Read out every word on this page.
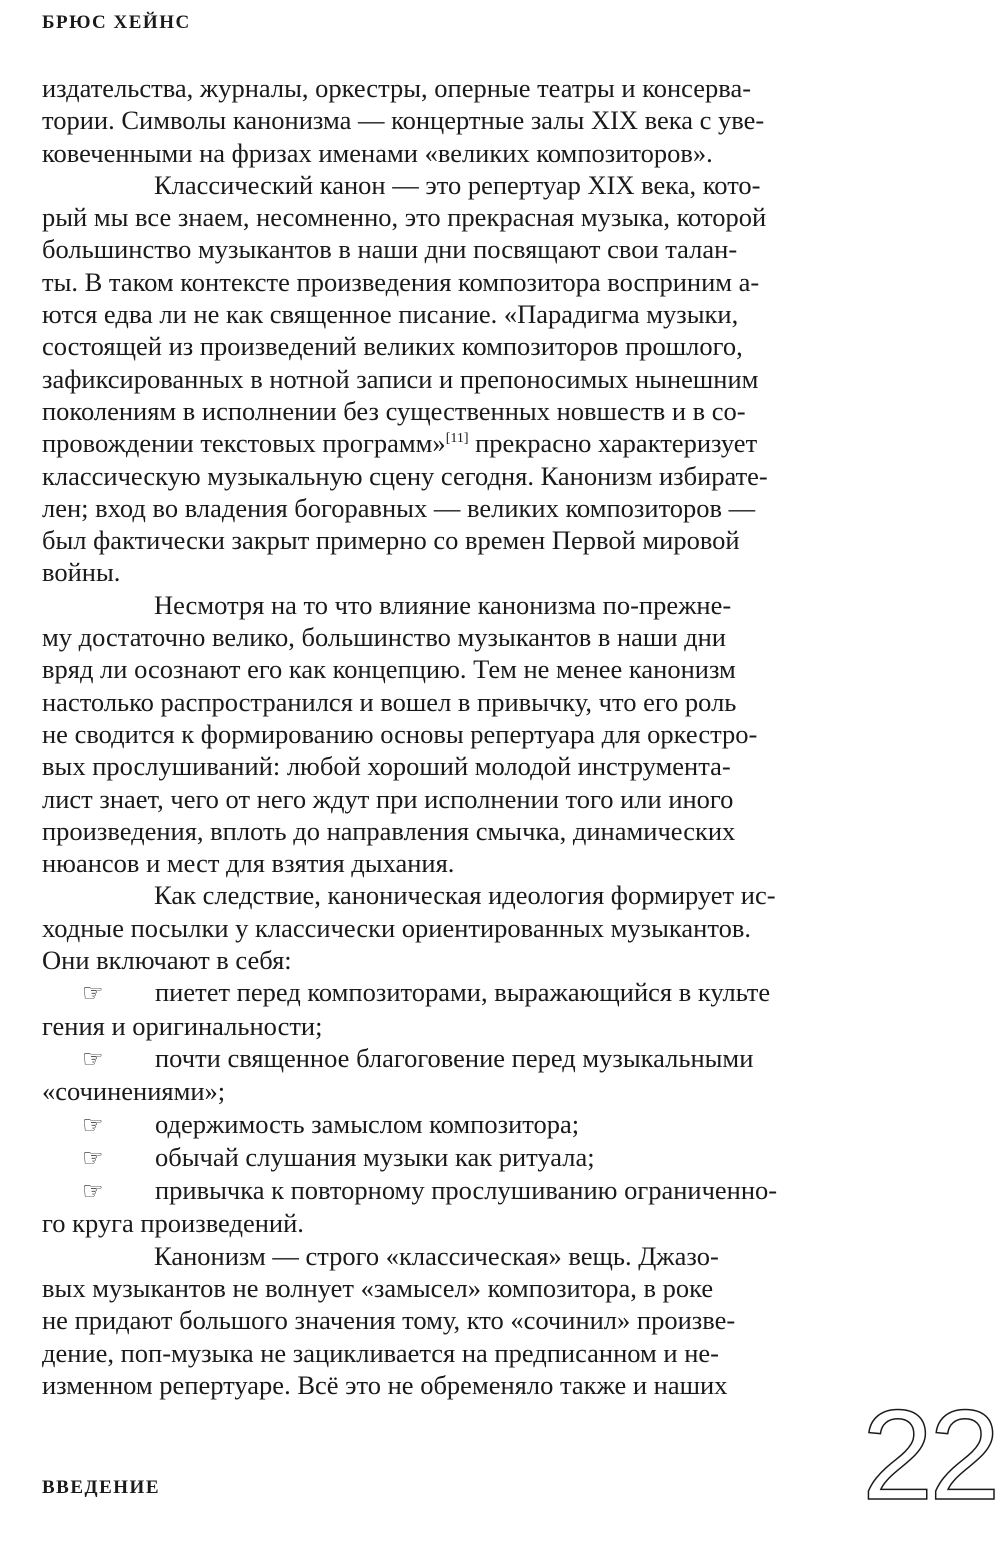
БРЮС ХЕЙНС
издательства, журналы, оркестры, оперные театры и консерва-
тории. Символы канонизма — концертные залы XIX века с уве-
ковеченными на фризах именами «великих композиторов».
Классический канон — это репертуар XIX века, кото-
рый мы все знаем, несомненно, это прекрасная музыка, которой
большинство музыкантов в наши дни посвящают свои талан-
ты. В таком контексте произведения композитора восприним а-
ются едва ли не как священное писание. «Парадигма музыки,
состоящей из произведений великих композиторов прошлого,
зафиксированных в нотной записи и препоносимых нынешним
поколениям в исполнении без существенных новшеств и в со-
провождении текстовых программ»[11] прекрасно характеризует
классическую музыкальную сцену сегодня. Канонизм избирате-
лен; вход во владения богоравных — великих композиторов —
был фактически закрыт примерно со времен Первой мировой
войны.
Несмотря на то что влияние канонизма по-прежне-
му достаточно велико, большинство музыкантов в наши дни
вряд ли осознают его как концепцию. Тем не менее канонизм
настолько распространился и вошел в привычку, что его роль
не сводится к формированию основы репертуара для оркестро-
вых прослушиваний: любой хороший молодой инструмента-
лист знает, чего от него ждут при исполнении того или иного
произведения, вплоть до направления смычка, динамических
нюансов и мест для взятия дыхания.
Как следствие, каноническая идеология формирует ис-
ходные посылки у классически ориентированных музыкантов.
Они включают в себя:
☞ пиетет перед композиторами, выражающийся в культе
гения и оригинальности;
☞ почти священное благоговение перед музыкальными
«сочинениями»;
☞ одержимость замыслом композитора;
☞ обычай слушания музыки как ритуала;
☞ привычка к повторному прослушиванию ограниченно-
го круга произведений.
Канонизм — строго «классическая» вещь. Джазо-
вых музыкантов не волнует «замысел» композитора, в роке
не придают большого значения тому, кто «сочинил» произве-
дение, поп-музыка не зацикливается на предписанном и не-
изменном репертуаре. Всё это не обременяло также и наших	22
ВВЕДЕНИЕ
